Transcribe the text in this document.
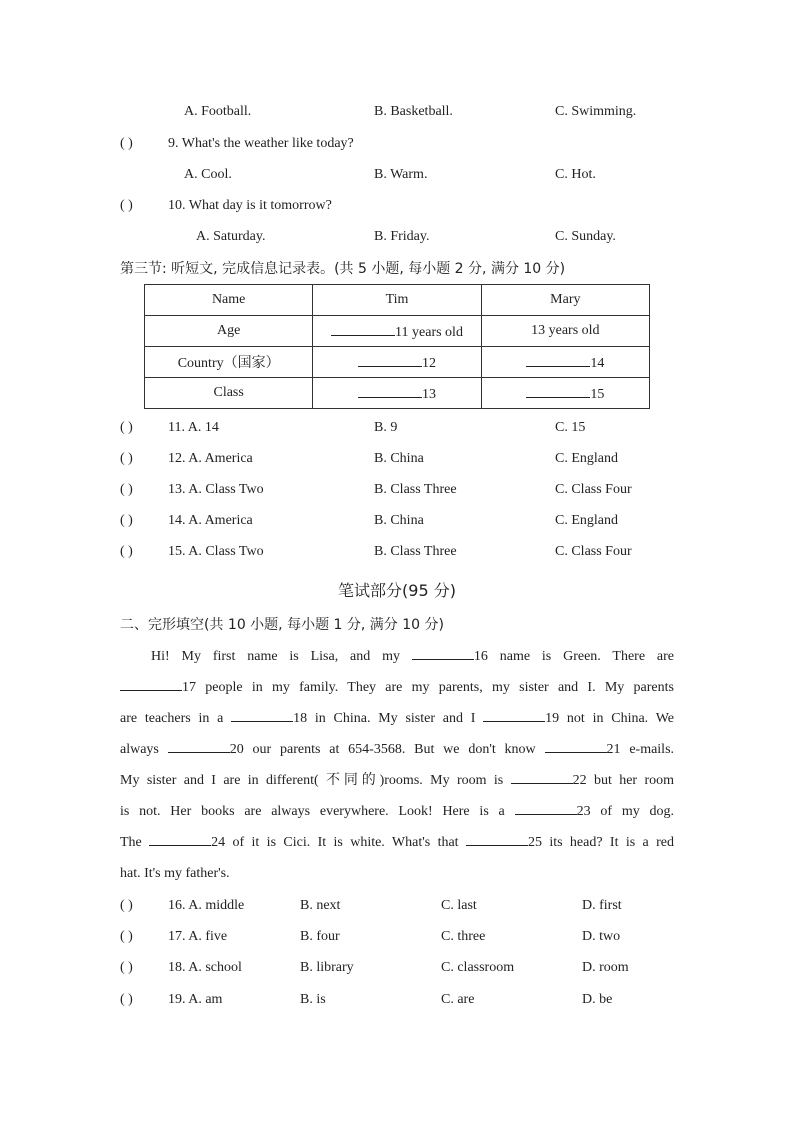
A. Football.	B. Basketball.	C. Swimming.
( )	9. What's the weather like today?
A. Cool.	B. Warm.	C. Hot.
( )	10. What day is it tomorrow?
A. Saturday.	B. Friday.	C. Sunday.
第三节: 听短文, 完成信息记录表。(共 5 小题, 每小题 2 分, 满分 10 分)
Name	Tim	Mary
Age	11 years old	13 years old
Country（国家）	12	14
Class	13	15
( )	11. A. 14	B. 9	C. 15
( )	12. A. America	B. China	C. England
( )	13. A. Class Two	B. Class Three	C. Class Four
( )	14. A. America	B. China	C. England
( )	15. A. Class Two	B. Class Three	C. Class Four
笔试部分(95 分)
二、完形填空(共 10 小题, 每小题 1 分, 满分 10 分)
Hi! My first name is Lisa, and my	16 name is Green. There are
17 people in my family. They are my parents, my sister and I. My parents
are teachers in a	18 in China. My sister and I	19 not in China. We
always	20 our parents at 654-3568. But we don't know	21 e-mails.
My sister and I are in different( 不同的)rooms. My room is	22 but her room
is not. Her books are always everywhere. Look! Here is a	23 of my dog.
The	24 of it is Cici. It is white. What's that	25 its head? It is a red
hat. It's my father's.
( )	16. A. middle	B. next	C. last	D. first
( )	17. A. five	B. four	C. three	D. two
( )	18. A. school	B. library	C. classroom	D. room
( )	19. A. am	B. is	C. are	D. be
